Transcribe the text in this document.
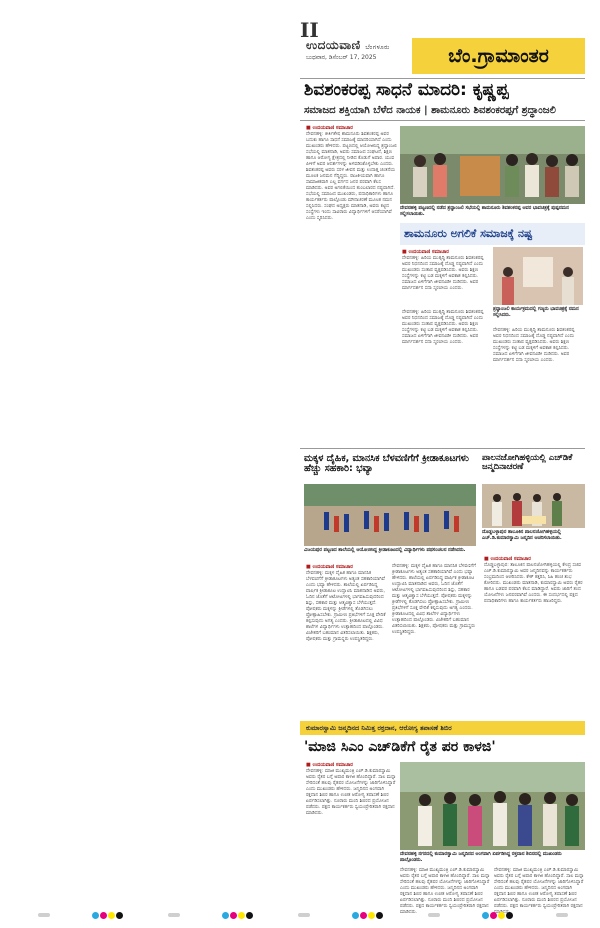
II
ಉದಯವಾಣಿ ಬೆಂಗಳೂರು
ಬುಧವಾರ, ಡಿಸೆಂಬರ್ 17, 2025	ಬೆಂ.ಗ್ರಾಮಾಂತರ
ಶಿವಶಂಕರಪ್ಪ ಸಾಧನೆ ಮಾದರಿ: ಕೃಷ್ಣಪ್ಪ
ಸಮಾಜದ ಶಕ್ತಿಯಾಗಿ ಬೆಳೆದ ನಾಯಕ | ಶಾಮನೂರು ಶಿವಶಂಕರಪ್ಪಗೆ ಶ್ರದ್ಧಾಂಜಲಿ
■ ಉದಯವಾಣಿ ಸಮಾಚಾರ
ದೇವನಹಳ್ಳಿ: ಕೀರ್ತಿಶೇಷ ಶಾಮನೂರು ಶಿವಶಂಕರಪ್ಪ ಅವರ ಬದುಕು ಹಾಗೂ ಸಾಧನೆ ಸಮಾಜಕ್ಕೆ ಮಾದರಿಯಾಗಿದೆ ಎಂದು ಮುಖಂಡರು ಹೇಳಿದರು. ಪಟ್ಟಣದಲ್ಲಿ ಆಯೋಜಿಸಿದ್ದ ಶ್ರದ್ಧಾಂಜಲಿ ಸಭೆಯಲ್ಲಿ ಮಾತನಾಡಿ, ಅವರು ಸಮಾಜದ ಸಂಘಟನೆ, ಶಿಕ್ಷಣ ಹಾಗೂ ಆರೋಗ್ಯ ಕ್ಷೇತ್ರದಲ್ಲಿ ನೀಡಿದ ಕೊಡುಗೆ ಅಪಾರ. ಯುವ ಪೀಳಿಗೆ ಅವರ ಆದರ್ಶಗಳನ್ನು ಅಳವಡಿಸಿಕೊಳ್ಳಬೇಕು ಎಂದರು. ಶಿವಶಂಕರಪ್ಪ ಅವರು ಸರಳ ಜೀವನ ಮತ್ತು ಉದಾತ್ತ ಚಿಂತನೆಯ ಮೂಲಕ ಜನಮನ ಗೆದ್ದಿದ್ದರು. ರಾಜಕೀಯವಾಗಿ ಹಾಗೂ ಸಾಮಾಜಿಕವಾಗಿ ಎಲ್ಲ ವರ್ಗದ ಜನರ ಪರವಾಗಿ ಕೆಲಸ ಮಾಡಿದರು. ಅವರ ಅಗಲಿಕೆಯಿಂದ ತುಂಬಲಾರದ ನಷ್ಟವಾಗಿದೆ. ಸಭೆಯಲ್ಲಿ ಸಮಾಜದ ಮುಖಂಡರು, ಪದಾಧಿಕಾರಿಗಳು ಹಾಗೂ ಕಾರ್ಯಕರ್ತರು ಪಾಲ್ಗೊಂಡು ಮೌನಾಚರಣೆ ಮೂಲಕ ನಮನ ಸಲ್ಲಿಸಿದರು. ಸಂಘದ ಅಧ್ಯಕ್ಷರು ಮಾತನಾಡಿ, ಅವರು ಕಟ್ಟಿದ ಸಂಸ್ಥೆಗಳು ಇಂದು ಸಾವಿರಾರು ವಿದ್ಯಾರ್ಥಿಗಳಿಗೆ ಆಸರೆಯಾಗಿವೆ ಎಂದು ಸ್ಮರಿಸಿದರು.
ದೇವನಹಳ್ಳಿ ಪಟ್ಟಣದಲ್ಲಿ ನಡೆದ ಶ್ರದ್ಧಾಂಜಲಿ ಸಭೆಯಲ್ಲಿ ಶಾಮನೂರು ಶಿವಶಂಕರಪ್ಪ ಅವರ ಭಾವಚಿತ್ರಕ್ಕೆ ಪುಷ್ಪನಮನ ಸಲ್ಲಿಸಲಾಯಿತು.
ಶಾಮನೂರು ಅಗಲಿಕೆ ಸಮಾಜಕ್ಕೆ ನಷ್ಟ
■ ಉದಯವಾಣಿ ಸಮಾಚಾರ
ದೇವನಹಳ್ಳಿ: ಹಿರಿಯ ಮುತ್ಸದ್ಧಿ ಶಾಮನೂರು ಶಿವಶಂಕರಪ್ಪ ಅವರ ನಿಧನದಿಂದ ಸಮಾಜಕ್ಕೆ ದೊಡ್ಡ ನಷ್ಟವಾಗಿದೆ ಎಂದು ಮುಖಂಡರು ಸಂತಾಪ ವ್ಯಕ್ತಪಡಿಸಿದರು. ಅವರು ಶಿಕ್ಷಣ ಸಂಸ್ಥೆಗಳನ್ನು ಕಟ್ಟಿ ಬಡ ಮಕ್ಕಳಿಗೆ ಅವಕಾಶ ಕಲ್ಪಿಸಿದರು. ಸಮಾಜದ ಏಳಿಗೆಗಾಗಿ ಜೀವನವಿಡೀ ದುಡಿದರು. ಅವರ ಮಾರ್ಗದರ್ಶನ ಸದಾ ಸ್ಮರಣೀಯ ಎಂದರು.
ಶ್ರದ್ಧಾಂಜಲಿ ಕಾರ್ಯಕ್ರಮದಲ್ಲಿ ಗಣ್ಯರು ಭಾವಚಿತ್ರಕ್ಕೆ ನಮನ ಸಲ್ಲಿಸಿದರು.
ದೇವನಹಳ್ಳಿ: ಹಿರಿಯ ಮುತ್ಸದ್ಧಿ ಶಾಮನೂರು ಶಿವಶಂಕರಪ್ಪ ಅವರ ನಿಧನದಿಂದ ಸಮಾಜಕ್ಕೆ ದೊಡ್ಡ ನಷ್ಟವಾಗಿದೆ ಎಂದು ಮುಖಂಡರು ಸಂತಾಪ ವ್ಯಕ್ತಪಡಿಸಿದರು. ಅವರು ಶಿಕ್ಷಣ ಸಂಸ್ಥೆಗಳನ್ನು ಕಟ್ಟಿ ಬಡ ಮಕ್ಕಳಿಗೆ ಅವಕಾಶ ಕಲ್ಪಿಸಿದರು. ಸಮಾಜದ ಏಳಿಗೆಗಾಗಿ ಜೀವನವಿಡೀ ದುಡಿದರು. ಅವರ ಮಾರ್ಗದರ್ಶನ ಸದಾ ಸ್ಮರಣೀಯ ಎಂದರು.
ದೇವನಹಳ್ಳಿ: ಹಿರಿಯ ಮುತ್ಸದ್ಧಿ ಶಾಮನೂರು ಶಿವಶಂಕರಪ್ಪ ಅವರ ನಿಧನದಿಂದ ಸಮಾಜಕ್ಕೆ ದೊಡ್ಡ ನಷ್ಟವಾಗಿದೆ ಎಂದು ಮುಖಂಡರು ಸಂತಾಪ ವ್ಯಕ್ತಪಡಿಸಿದರು. ಅವರು ಶಿಕ್ಷಣ ಸಂಸ್ಥೆಗಳನ್ನು ಕಟ್ಟಿ ಬಡ ಮಕ್ಕಳಿಗೆ ಅವಕಾಶ ಕಲ್ಪಿಸಿದರು. ಸಮಾಜದ ಏಳಿಗೆಗಾಗಿ ಜೀವನವಿಡೀ ದುಡಿದರು. ಅವರ ಮಾರ್ಗದರ್ಶನ ಸದಾ ಸ್ಮರಣೀಯ ಎಂದರು.
ಮಕ್ಕಳ ದೈಹಿಕ, ಮಾನಸಿಕ ಬೆಳವಣಿಗೆಗೆ ಕ್ರೀಡಾಕೂಟಗಳು ಹೆಚ್ಚು ಸಹಕಾರಿ: ಭವ್ಯಾ
ವಿಜಯಪುರ ಪಟ್ಟಣದ ಶಾಲೆಯಲ್ಲಿ ಆಯೋಜಿಸಿದ್ದ ಕ್ರೀಡಾಕೂಟದಲ್ಲಿ ವಿದ್ಯಾರ್ಥಿಗಳು ಪಥಸಂಚಲನ ನಡೆಸಿದರು.
■ ಉದಯವಾಣಿ ಸಮಾಚಾರ
ದೇವನಹಳ್ಳಿ: ಮಕ್ಕಳ ದೈಹಿಕ ಹಾಗೂ ಮಾನಸಿಕ ಬೆಳವಣಿಗೆಗೆ ಕ್ರೀಡಾಕೂಟಗಳು ಅತ್ಯಂತ ಸಹಕಾರಿಯಾಗಿವೆ ಎಂದು ಭವ್ಯಾ ಹೇಳಿದರು. ಶಾಲೆಯಲ್ಲಿ ಏರ್ಪಡಿಸಿದ್ದ ವಾರ್ಷಿಕ ಕ್ರೀಡಾಕೂಟ ಉದ್ಘಾಟಿಸಿ ಮಾತನಾಡಿದ ಅವರು, ಓದಿನ ಜೊತೆಗೆ ಆಟೋಟಗಳಲ್ಲಿ ಭಾಗವಹಿಸುವುದರಿಂದ ಶಿಸ್ತು, ಸಹಕಾರ ಮತ್ತು ಆತ್ಮವಿಶ್ವಾಸ ಬೆಳೆಯುತ್ತದೆ. ಪೋಷಕರು ಮಕ್ಕಳನ್ನು ಕ್ರೀಡೆಗಳಲ್ಲಿ ತೊಡಗಿಸಲು ಪ್ರೋತ್ಸಾಹಿಸಬೇಕು. ಗ್ರಾಮೀಣ ಪ್ರತಿಭೆಗಳಿಗೆ ಸೂಕ್ತ ವೇದಿಕೆ ಕಲ್ಪಿಸುವುದು ಅಗತ್ಯ ಎಂದರು. ಕ್ರೀಡಾಕೂಟದಲ್ಲಿ ವಿವಿಧ ಶಾಲೆಗಳ ವಿದ್ಯಾರ್ಥಿಗಳು ಉತ್ಸಾಹದಿಂದ ಪಾಲ್ಗೊಂಡರು. ವಿಜೇತರಿಗೆ ಬಹುಮಾನ ವಿತರಿಸಲಾಯಿತು. ಶಿಕ್ಷಕರು, ಪೋಷಕರು ಮತ್ತು ಗ್ರಾಮಸ್ಥರು ಉಪಸ್ಥಿತರಿದ್ದರು.
ದೇವನಹಳ್ಳಿ: ಮಕ್ಕಳ ದೈಹಿಕ ಹಾಗೂ ಮಾನಸಿಕ ಬೆಳವಣಿಗೆಗೆ ಕ್ರೀಡಾಕೂಟಗಳು ಅತ್ಯಂತ ಸಹಕಾರಿಯಾಗಿವೆ ಎಂದು ಭವ್ಯಾ ಹೇಳಿದರು. ಶಾಲೆಯಲ್ಲಿ ಏರ್ಪಡಿಸಿದ್ದ ವಾರ್ಷಿಕ ಕ್ರೀಡಾಕೂಟ ಉದ್ಘಾಟಿಸಿ ಮಾತನಾಡಿದ ಅವರು, ಓದಿನ ಜೊತೆಗೆ ಆಟೋಟಗಳಲ್ಲಿ ಭಾಗವಹಿಸುವುದರಿಂದ ಶಿಸ್ತು, ಸಹಕಾರ ಮತ್ತು ಆತ್ಮವಿಶ್ವಾಸ ಬೆಳೆಯುತ್ತದೆ. ಪೋಷಕರು ಮಕ್ಕಳನ್ನು ಕ್ರೀಡೆಗಳಲ್ಲಿ ತೊಡಗಿಸಲು ಪ್ರೋತ್ಸಾಹಿಸಬೇಕು. ಗ್ರಾಮೀಣ ಪ್ರತಿಭೆಗಳಿಗೆ ಸೂಕ್ತ ವೇದಿಕೆ ಕಲ್ಪಿಸುವುದು ಅಗತ್ಯ ಎಂದರು. ಕ್ರೀಡಾಕೂಟದಲ್ಲಿ ವಿವಿಧ ಶಾಲೆಗಳ ವಿದ್ಯಾರ್ಥಿಗಳು ಉತ್ಸಾಹದಿಂದ ಪಾಲ್ಗೊಂಡರು. ವಿಜೇತರಿಗೆ ಬಹುಮಾನ ವಿತರಿಸಲಾಯಿತು. ಶಿಕ್ಷಕರು, ಪೋಷಕರು ಮತ್ತು ಗ್ರಾಮಸ್ಥರು ಉಪಸ್ಥಿತರಿದ್ದರು.
ಪಾಲನಜೋಗಿಹಳ್ಳಿಯಲ್ಲಿ ಎಚ್‌ಡಿಕೆ ಜನ್ಮದಿನಾಚರಣೆ
ದೊಡ್ಡಬಳ್ಳಾಪುರ ತಾಲೂಕಿನ ಪಾಲನಜೋಗಿಹಳ್ಳಿಯಲ್ಲಿ ಎಚ್.ಡಿ.ಕುಮಾರಸ್ವಾಮಿ ಜನ್ಮದಿನ ಆಚರಿಸಲಾಯಿತು.
■ ಉದಯವಾಣಿ ಸಮಾಚಾರ
ದೊಡ್ಡಬಳ್ಳಾಪುರ: ತಾಲೂಕಿನ ಪಾಲನಜೋಗಿಹಳ್ಳಿಯಲ್ಲಿ ಕೇಂದ್ರ ಸಚಿವ ಎಚ್.ಡಿ.ಕುಮಾರಸ್ವಾಮಿ ಅವರ ಜನ್ಮದಿನವನ್ನು ಕಾರ್ಯಕರ್ತರು ಸಂಭ್ರಮದಿಂದ ಆಚರಿಸಿದರು. ಕೇಕ್ ಕತ್ತರಿಸಿ, ಸಿಹಿ ಹಂಚಿ ಶುಭ ಕೋರಿದರು. ಮುಖಂಡರು ಮಾತನಾಡಿ, ಕುಮಾರಸ್ವಾಮಿ ಅವರು ರೈತರ ಹಾಗೂ ಬಡವರ ಪರವಾಗಿ ಕೆಲಸ ಮಾಡಿದ್ದಾರೆ. ಅವರು ಜಾರಿಗೆ ತಂದ ಯೋಜನೆಗಳು ಜನಪರವಾಗಿವೆ ಎಂದರು. ಈ ಸಂದರ್ಭದಲ್ಲಿ ಪಕ್ಷದ ಪದಾಧಿಕಾರಿಗಳು ಹಾಗೂ ಕಾರ್ಯಕರ್ತರು ಹಾಜರಿದ್ದರು.
ಕುಮಾರಸ್ವಾಮಿ ಜನ್ಮದಿನದ ನಿಮಿತ್ತ ರಕ್ತದಾನ, ಆರೋಗ್ಯ ತಪಾಸಣೆ ಶಿಬಿರ
'ಮಾಜಿ ಸಿಎಂ ಎಚ್‌ಡಿಕೆಗೆ ರೈತ ಪರ ಕಾಳಜಿ'
■ ಉದಯವಾಣಿ ಸಮಾಚಾರ
ದೇವನಹಳ್ಳಿ: ಮಾಜಿ ಮುಖ್ಯಮಂತ್ರಿ ಎಚ್.ಡಿ.ಕುಮಾರಸ್ವಾಮಿ ಅವರು ರೈತರ ಬಗ್ಗೆ ಅಪಾರ ಕಾಳಜಿ ಹೊಂದಿದ್ದಾರೆ. ಸಾಲ ಮನ್ನಾ ಸೇರಿದಂತೆ ಹಲವು ರೈತಪರ ಯೋಜನೆಗಳನ್ನು ಜಾರಿಗೊಳಿಸಿದ್ದಾರೆ ಎಂದು ಮುಖಂಡರು ಹೇಳಿದರು. ಜನ್ಮದಿನದ ಅಂಗವಾಗಿ ರಕ್ತದಾನ ಶಿಬಿರ ಹಾಗೂ ಉಚಿತ ಆರೋಗ್ಯ ತಪಾಸಣೆ ಶಿಬಿರ ಏರ್ಪಡಿಸಲಾಗಿತ್ತು. ನೂರಾರು ಮಂದಿ ಶಿಬಿರದ ಪ್ರಯೋಜನ ಪಡೆದರು. ಪಕ್ಷದ ಕಾರ್ಯಕರ್ತರು ಸ್ವಯಂಪ್ರೇರಿತರಾಗಿ ರಕ್ತದಾನ ಮಾಡಿದರು.
ದೇವನಹಳ್ಳಿ ನಗರದಲ್ಲಿ ಕುಮಾರಸ್ವಾಮಿ ಜನ್ಮದಿನದ ಅಂಗವಾಗಿ ಏರ್ಪಡಿಸಿದ್ದ ರಕ್ತದಾನ ಶಿಬಿರದಲ್ಲಿ ಮುಖಂಡರು ಪಾಲ್ಗೊಂಡರು.
ದೇವನಹಳ್ಳಿ: ಮಾಜಿ ಮುಖ್ಯಮಂತ್ರಿ ಎಚ್.ಡಿ.ಕುಮಾರಸ್ವಾಮಿ ಅವರು ರೈತರ ಬಗ್ಗೆ ಅಪಾರ ಕಾಳಜಿ ಹೊಂದಿದ್ದಾರೆ. ಸಾಲ ಮನ್ನಾ ಸೇರಿದಂತೆ ಹಲವು ರೈತಪರ ಯೋಜನೆಗಳನ್ನು ಜಾರಿಗೊಳಿಸಿದ್ದಾರೆ ಎಂದು ಮುಖಂಡರು ಹೇಳಿದರು. ಜನ್ಮದಿನದ ಅಂಗವಾಗಿ ರಕ್ತದಾನ ಶಿಬಿರ ಹಾಗೂ ಉಚಿತ ಆರೋಗ್ಯ ತಪಾಸಣೆ ಶಿಬಿರ ಏರ್ಪಡಿಸಲಾಗಿತ್ತು. ನೂರಾರು ಮಂದಿ ಶಿಬಿರದ ಪ್ರಯೋಜನ ಪಡೆದರು. ಪಕ್ಷದ ಕಾರ್ಯಕರ್ತರು ಸ್ವಯಂಪ್ರೇರಿತರಾಗಿ ರಕ್ತದಾನ ಮಾಡಿದರು.
ದೇವನಹಳ್ಳಿ: ಮಾಜಿ ಮುಖ್ಯಮಂತ್ರಿ ಎಚ್.ಡಿ.ಕುಮಾರಸ್ವಾಮಿ ಅವರು ರೈತರ ಬಗ್ಗೆ ಅಪಾರ ಕಾಳಜಿ ಹೊಂದಿದ್ದಾರೆ. ಸಾಲ ಮನ್ನಾ ಸೇರಿದಂತೆ ಹಲವು ರೈತಪರ ಯೋಜನೆಗಳನ್ನು ಜಾರಿಗೊಳಿಸಿದ್ದಾರೆ ಎಂದು ಮುಖಂಡರು ಹೇಳಿದರು. ಜನ್ಮದಿನದ ಅಂಗವಾಗಿ ರಕ್ತದಾನ ಶಿಬಿರ ಹಾಗೂ ಉಚಿತ ಆರೋಗ್ಯ ತಪಾಸಣೆ ಶಿಬಿರ ಏರ್ಪಡಿಸಲಾಗಿತ್ತು. ನೂರಾರು ಮಂದಿ ಶಿಬಿರದ ಪ್ರಯೋಜನ ಪಡೆದರು. ಪಕ್ಷದ ಕಾರ್ಯಕರ್ತರು ಸ್ವಯಂಪ್ರೇರಿತರಾಗಿ ರಕ್ತದಾನ
